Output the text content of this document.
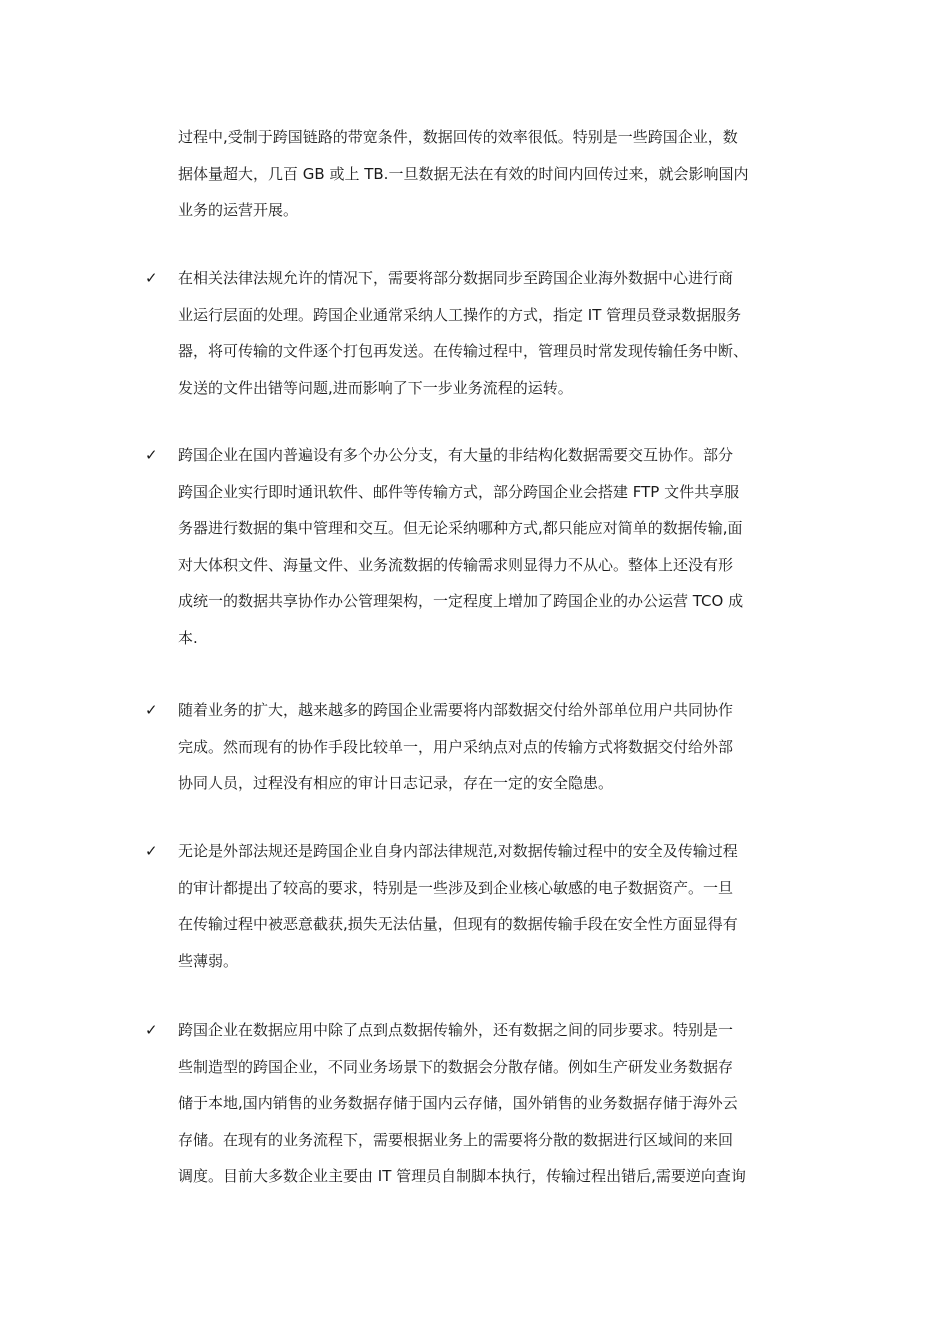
过程中,受制于跨国链路的带宽条件，数据回传的效率很低。特别是一些跨国企业，数
据体量超大，几百 GB 或上 TB.一旦数据无法在有效的时间内回传过来，就会影响国内
业务的运营开展。
✓ 在相关法律法规允许的情况下，需要将部分数据同步至跨国企业海外数据中心进行商
业运行层面的处理。跨国企业通常采纳人工操作的方式，指定 IT 管理员登录数据服务
器，将可传输的文件逐个打包再发送。在传输过程中，管理员时常发现传输任务中断、
发送的文件出错等问题,进而影响了下一步业务流程的运转。
✓ 跨国企业在国内普遍设有多个办公分支，有大量的非结构化数据需要交互协作。部分
跨国企业实行即时通讯软件、邮件等传输方式，部分跨国企业会搭建 FTP 文件共享服
务器进行数据的集中管理和交互。但无论采纳哪种方式,都只能应对简单的数据传输,面
对大体积文件、海量文件、业务流数据的传输需求则显得力不从心。整体上还没有形
成统一的数据共享协作办公管理架构，一定程度上增加了跨国企业的办公运营 TCO 成
本.
✓ 随着业务的扩大，越来越多的跨国企业需要将内部数据交付给外部单位用户共同协作
完成。然而现有的协作手段比较单一，用户采纳点对点的传输方式将数据交付给外部
协同人员，过程没有相应的审计日志记录，存在一定的安全隐患。
✓ 无论是外部法规还是跨国企业自身内部法律规范,对数据传输过程中的安全及传输过程
的审计都提出了较高的要求，特别是一些涉及到企业核心敏感的电子数据资产。一旦
在传输过程中被恶意截获,损失无法估量，但现有的数据传输手段在安全性方面显得有
些薄弱。
✓ 跨国企业在数据应用中除了点到点数据传输外，还有数据之间的同步要求。特别是一
些制造型的跨国企业，不同业务场景下的数据会分散存储。例如生产研发业务数据存
储于本地,国内销售的业务数据存储于国内云存储，国外销售的业务数据存储于海外云
存储。在现有的业务流程下，需要根据业务上的需要将分散的数据进行区域间的来回
调度。目前大多数企业主要由 IT 管理员自制脚本执行，传输过程出错后,需要逆向查询
